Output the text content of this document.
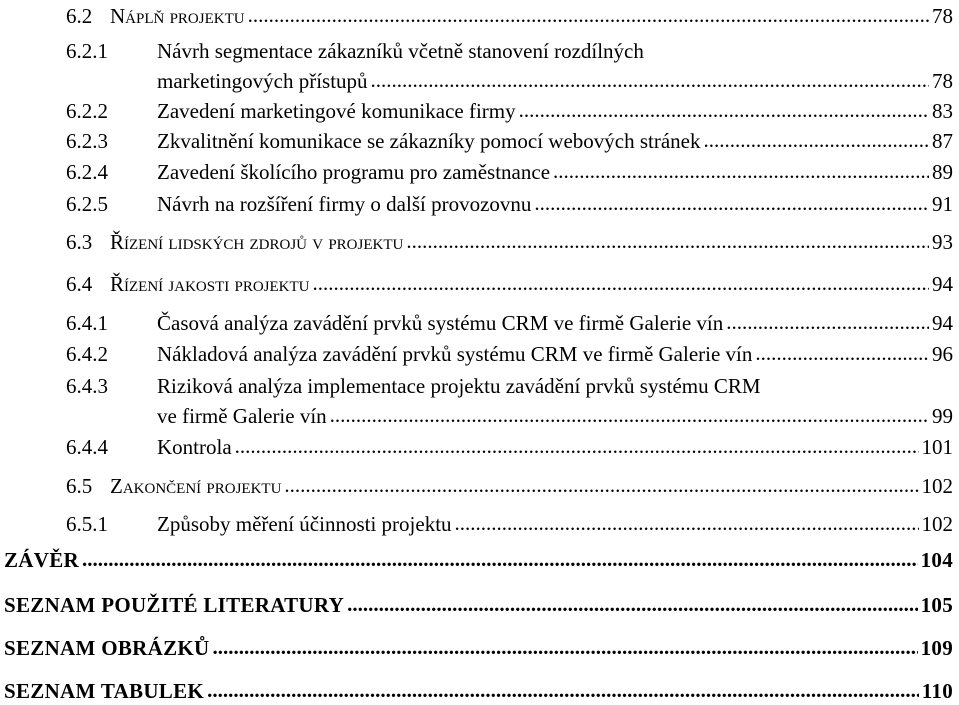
6.2 Náplň projektu .....	78
6.2.1 Návrh segmentace zákazníků včetně stanovení rozdílných
marketingových přístupů .....	78
6.2.2 Zavedení marketingové komunikace firmy .....	83
6.2.3 Zkvalitnění komunikace se zákazníky pomocí webových stránek .....	87
6.2.4 Zavedení školícího programu pro zaměstnance .....	89
6.2.5 Návrh na rozšíření firmy o další provozovnu .....	91
6.3 Řízení lidských zdrojů v projektu .....	93
6.4 Řízení jakosti projektu .....	94
6.4.1 Časová analýza zavádění prvků systému CRM ve firmě Galerie vín .....	94
6.4.2 Nákladová analýza zavádění prvků systému CRM ve firmě Galerie vín .....	96
6.4.3 Riziková analýza implementace projektu zavádění prvků systému CRM
ve firmě Galerie vín .....	99
6.4.4 Kontrola .....	101
6.5 Zakončení projektu .....	102
6.5.1 Způsoby měření účinnosti projektu .....	102
ZÁVĚR .....	104
SEZNAM POUŽITÉ LITERATURY .....	105
SEZNAM OBRÁZKŮ .....	109
SEZNAM TABULEK .....	110
